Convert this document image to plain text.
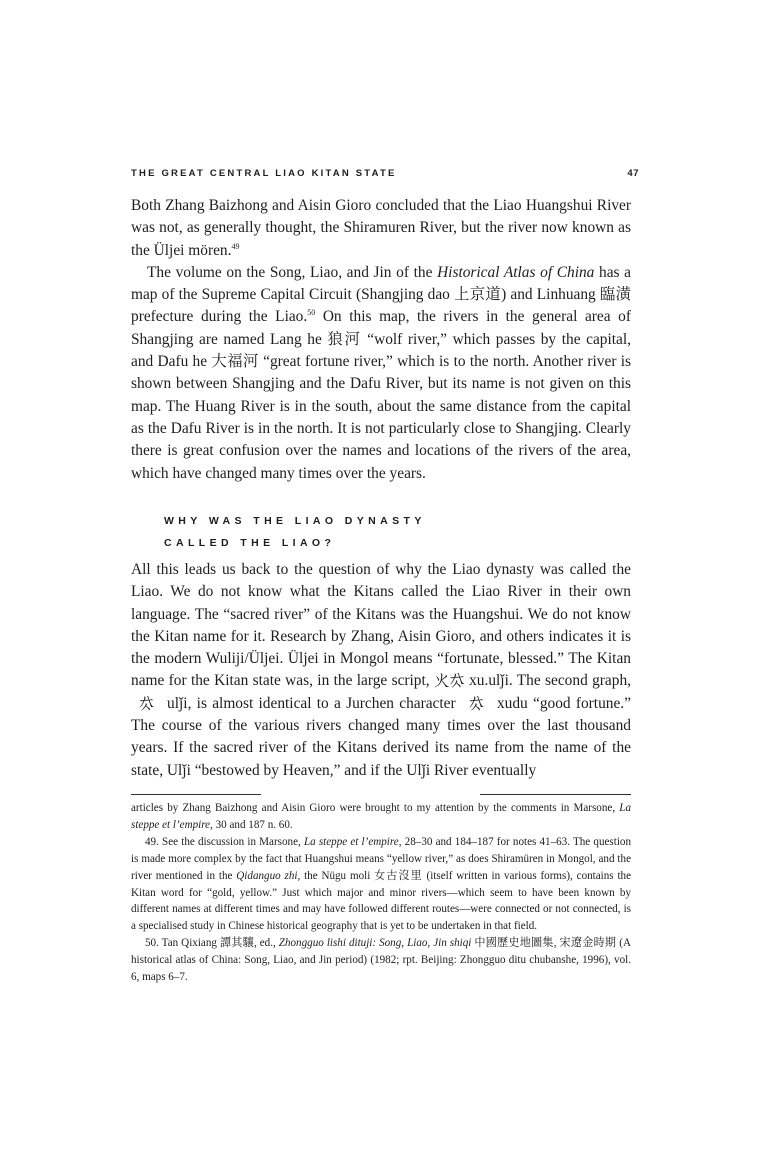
THE GREAT CENTRAL LIAO KITAN STATE	47

Both Zhang Baizhong and Aisin Gioro concluded that the Liao Huangshui River was not, as generally thought, the Shiramuren River, but the river now known as the Üljei mören.$^{49}$

The volume on the Song, Liao, and Jin of the Historical Atlas of China has a map of the Supreme Capital Circuit (Shangjing dao 上京道) and Linhuang 臨潢 prefecture during the Liao.$^{50}$ On this map, the rivers in the general area of Shangjing are named Lang he 狼河 “wolf river,” which passes by the capital, and Dafu he 大福河 “great fortune river,” which is to the north. Another river is shown between Shangjing and the Dafu River, but its name is not given on this map. The Huang River is in the south, about the same distance from the capital as the Dafu River is in the north. It is not particularly close to Shangjing. Clearly there is great confusion over the names and locations of the rivers of the area, which have changed many times over the years.

WHY WAS THE LIAO DYNASTY
CALLED THE LIAO?

All this leads us back to the question of why the Liao dynasty was called the Liao. We do not know what the Kitans called the Liao River in their own language. The “sacred river” of the Kitans was the Huangshui. We do not know the Kitan name for it. Research by Zhang, Aisin Gioro, and others indicates it is the modern Wuliji/Üljei. Üljei in Mongol means “fortunate, blessed.” The Kitan name for the Kitan state was, in the large script, 𘱪𘭹 xu.ulǰi. The second graph, 𘭹 ulǰi, is almost identical to a Jurchen character 𘭹 xudu “good fortune.” The course of the various rivers changed many times over the last thousand years. If the sacred river of the Kitans derived its name from the name of the state, Ulǰi “bestowed by Heaven,” and if the Ulǰi River eventually

articles by Zhang Baizhong and Aisin Gioro were brought to my attention by the comments in Marsone, La steppe et l’empire, 30 and 187 n. 60.

49. See the discussion in Marsone, La steppe et l’empire, 28–30 and 184–187 for notes 41–63. The question is made more complex by the fact that Huangshui means “yellow river,” as does Shiramüren in Mongol, and the river mentioned in the Qidanguo zhi, the Nügu moli 女古沒里 (itself written in various forms), contains the Kitan word for “gold, yellow.” Just which major and minor rivers—which seem to have been known by different names at different times and may have followed different routes—were connected or not connected, is a specialised study in Chinese historical geography that is yet to be undertaken in that field.

50. Tan Qixiang 譚其驤, ed., Zhongguo lishi dituji: Song, Liao, Jin shiqi 中國歷史地圖集, 宋遼金時期 (A historical atlas of China: Song, Liao, and Jin period) (1982; rpt. Beijing: Zhongguo ditu chubanshe, 1996), vol. 6, maps 6–7.
